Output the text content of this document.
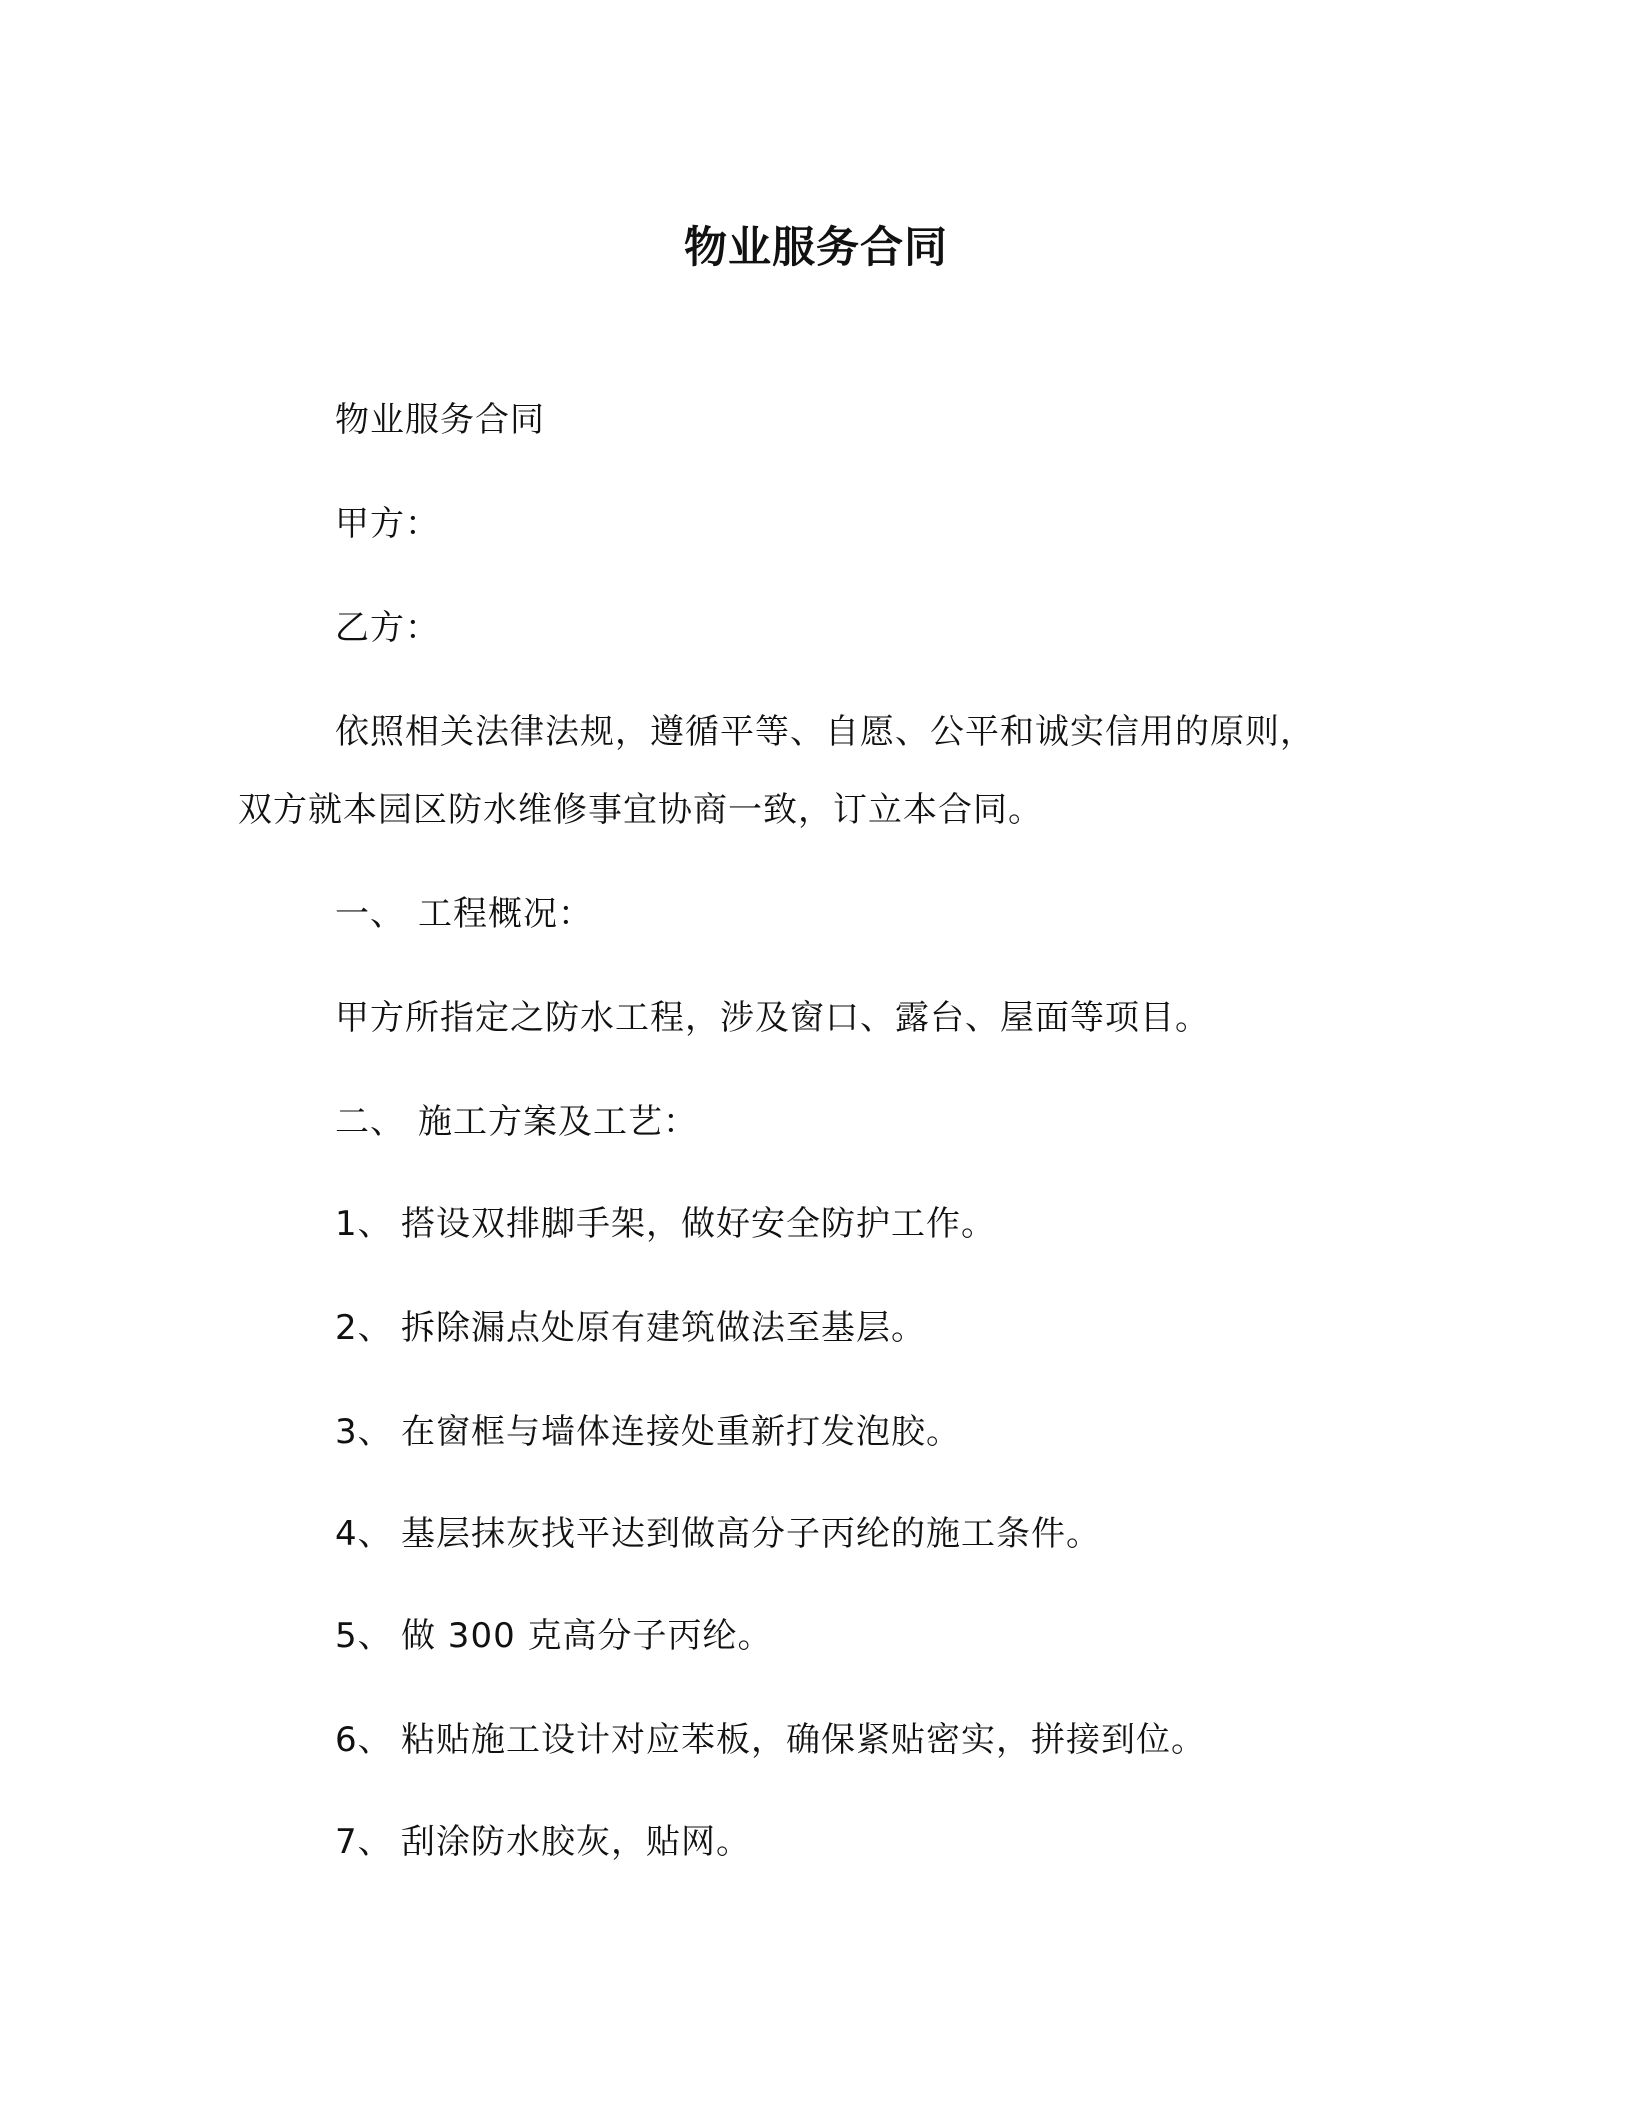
物业服务合同
物业服务合同
甲方：
乙方：
依照相关法律法规，遵循平等、自愿、公平和诚实信用的原则，
双方就本园区防水维修事宜协商一致，订立本合同。
一、 工程概况：
甲方所指定之防水工程，涉及窗口、露台、屋面等项目。
二、 施工方案及工艺：
1、 搭设双排脚手架，做好安全防护工作。
2、 拆除漏点处原有建筑做法至基层。
3、 在窗框与墙体连接处重新打发泡胶。
4、 基层抹灰找平达到做高分子丙纶的施工条件。
5、 做 300 克高分子丙纶。
6、 粘贴施工设计对应苯板，确保紧贴密实，拼接到位。
7、 刮涂防水胶灰，贴网。
